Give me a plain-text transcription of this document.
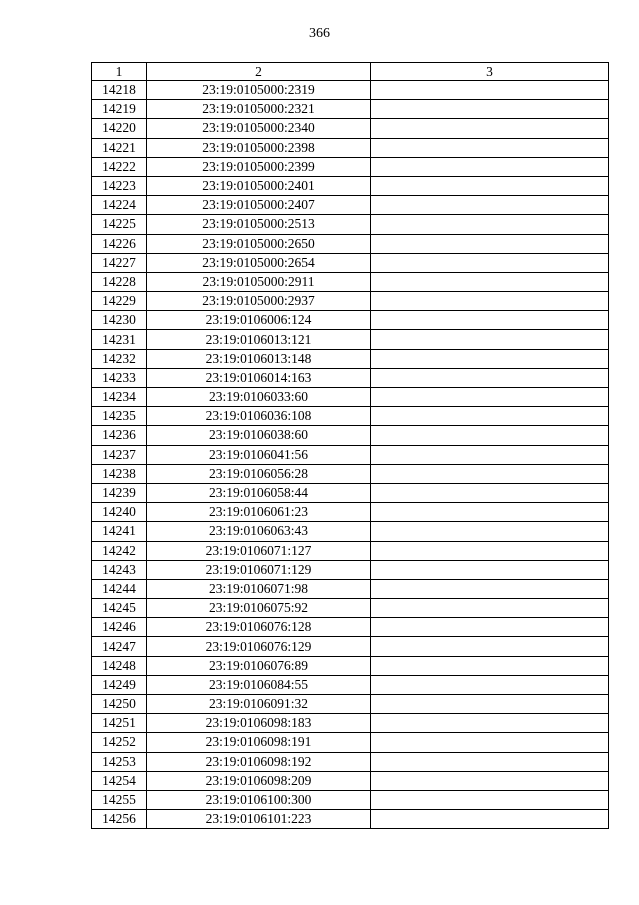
366
1	2	3
14218	23:19:0105000:2319	
14219	23:19:0105000:2321	
14220	23:19:0105000:2340	
14221	23:19:0105000:2398	
14222	23:19:0105000:2399	
14223	23:19:0105000:2401	
14224	23:19:0105000:2407	
14225	23:19:0105000:2513	
14226	23:19:0105000:2650	
14227	23:19:0105000:2654	
14228	23:19:0105000:2911	
14229	23:19:0105000:2937	
14230	23:19:0106006:124	
14231	23:19:0106013:121	
14232	23:19:0106013:148	
14233	23:19:0106014:163	
14234	23:19:0106033:60	
14235	23:19:0106036:108	
14236	23:19:0106038:60	
14237	23:19:0106041:56	
14238	23:19:0106056:28	
14239	23:19:0106058:44	
14240	23:19:0106061:23	
14241	23:19:0106063:43	
14242	23:19:0106071:127	
14243	23:19:0106071:129	
14244	23:19:0106071:98	
14245	23:19:0106075:92	
14246	23:19:0106076:128	
14247	23:19:0106076:129	
14248	23:19:0106076:89	
14249	23:19:0106084:55	
14250	23:19:0106091:32	
14251	23:19:0106098:183	
14252	23:19:0106098:191	
14253	23:19:0106098:192	
14254	23:19:0106098:209	
14255	23:19:0106100:300	
14256	23:19:0106101:223	
